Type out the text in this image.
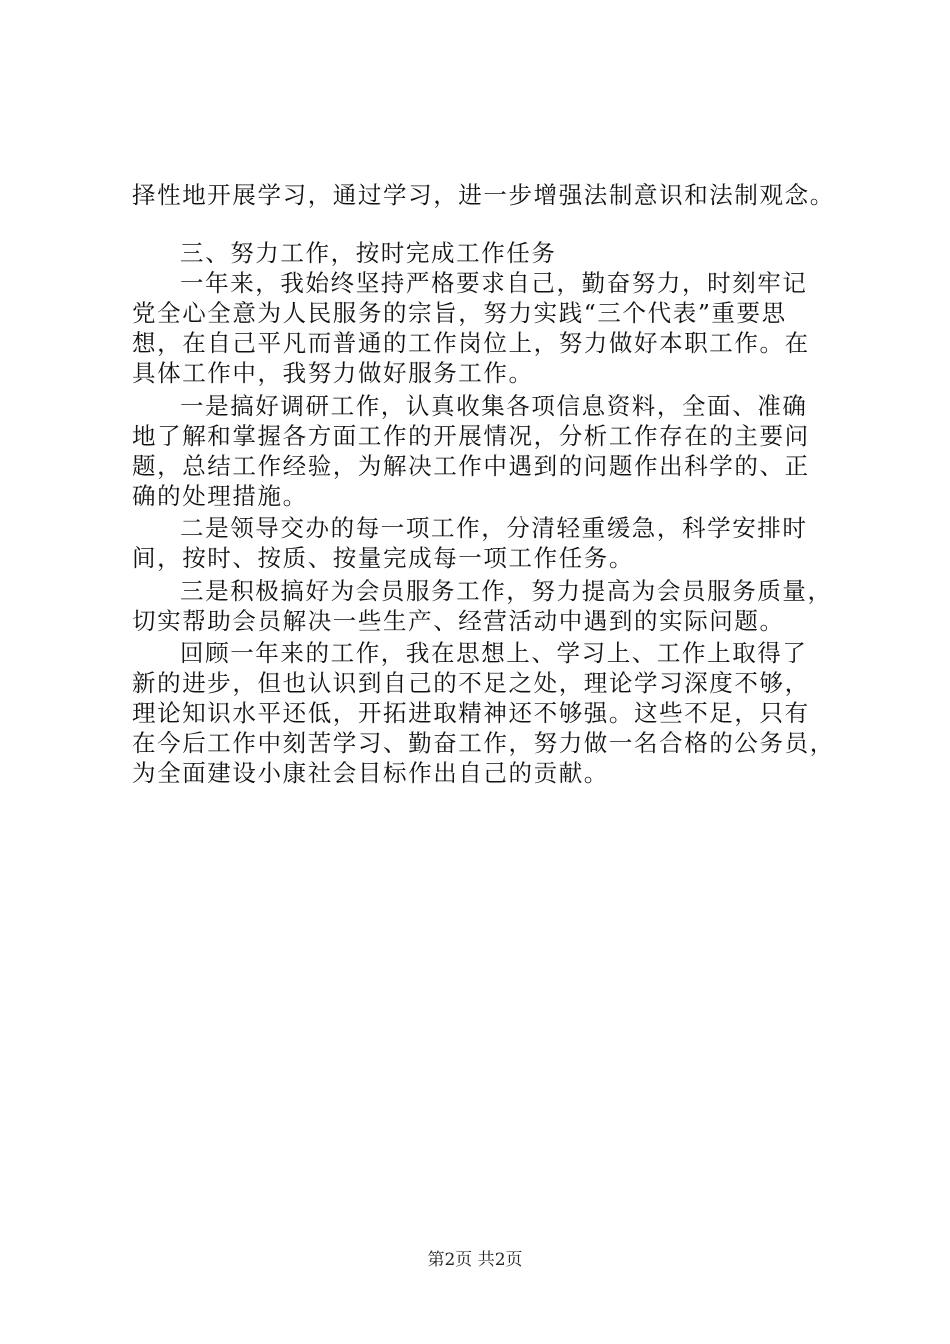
择性地开展学习，通过学习，进一步增强法制意识和法制观念。
三、努力工作，按时完成工作任务
一年来，我始终坚持严格要求自己，勤奋努力，时刻牢记
党全心全意为人民服务的宗旨，努力实践“三个代表”重要思
想，在自己平凡而普通的工作岗位上，努力做好本职工作。在
具体工作中，我努力做好服务工作。
一是搞好调研工作，认真收集各项信息资料，全面、准确
地了解和掌握各方面工作的开展情况，分析工作存在的主要问
题，总结工作经验，为解决工作中遇到的问题作出科学的、正
确的处理措施。
二是领导交办的每一项工作，分清轻重缓急，科学安排时
间，按时、按质、按量完成每一项工作任务。
三是积极搞好为会员服务工作，努力提高为会员服务质量，
切实帮助会员解决一些生产、经营活动中遇到的实际问题。
回顾一年来的工作，我在思想上、学习上、工作上取得了
新的进步，但也认识到自己的不足之处，理论学习深度不够，
理论知识水平还低，开拓进取精神还不够强。这些不足，只有
在今后工作中刻苦学习、勤奋工作，努力做一名合格的公务员，
为全面建设小康社会目标作出自己的贡献。
第2页 共2页
